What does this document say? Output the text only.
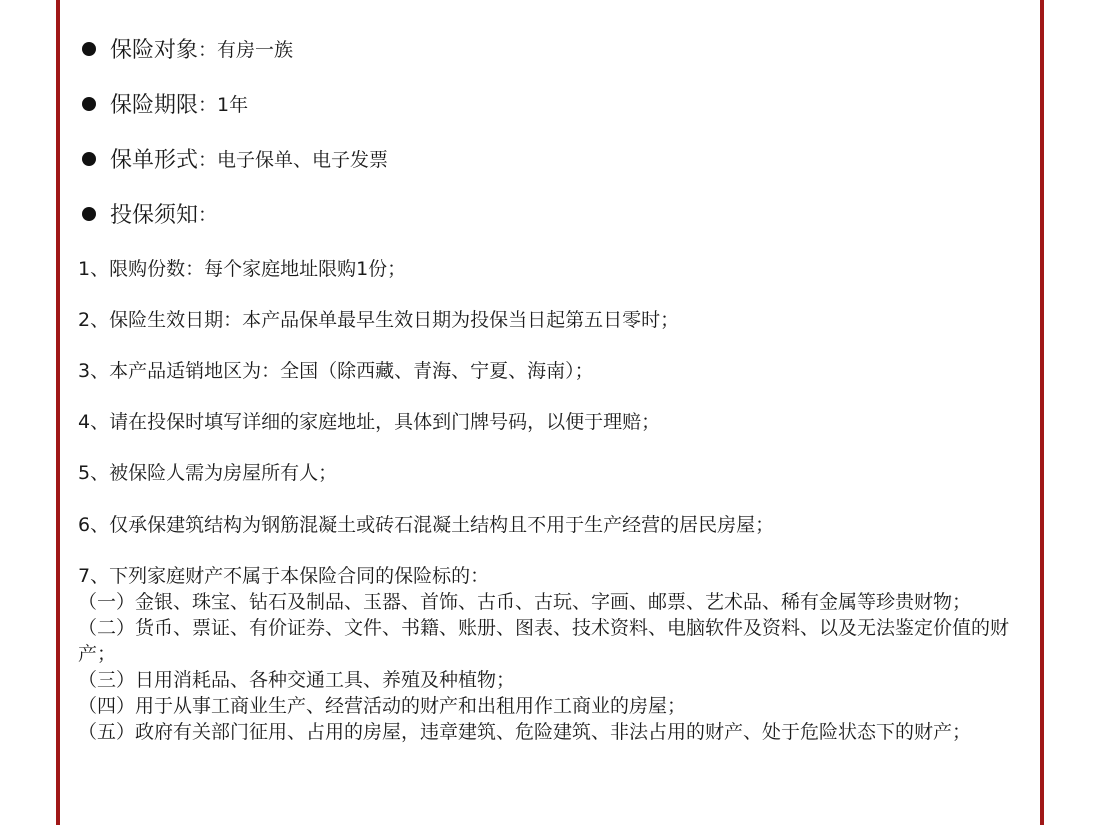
保险对象 ：有房一族
保险期限 ：1年
保单形式 ：电子保单、电子发票
投保须知 ：
1、限购份数：每个家庭地址限购1份；
2、保险生效日期：本产品保单最早生效日期为投保当日起第五日零时；
3、本产品适销地区为：全国（除西藏、青海、宁夏、海南）；
4、请在投保时填写详细的家庭地址，具体到门牌号码，以便于理赔；
5、被保险人需为房屋所有人；
6、仅承保建筑结构为钢筋混凝土或砖石混凝土结构且不用于生产经营的居民房屋；

7、下列家庭财产不属于本保险合同的保险标的：

（一）金银、珠宝、钻石及制品、玉器、首饰、古币、古玩、字画、邮票、艺术品、稀有金属等珍贵财物；

（二）货币、票证、有价证券、文件、书籍、账册、图表、技术资料、电脑软件及资料、以及无法鉴定价值的财产；

（三）日用消耗品、各种交通工具、养殖及种植物；

（四）用于从事工商业生产、经营活动的财产和出租用作工商业的房屋；

（五）政府有关部门征用、占用的房屋，违章建筑、危险建筑、非法占用的财产、处于危险状态下的财产；
